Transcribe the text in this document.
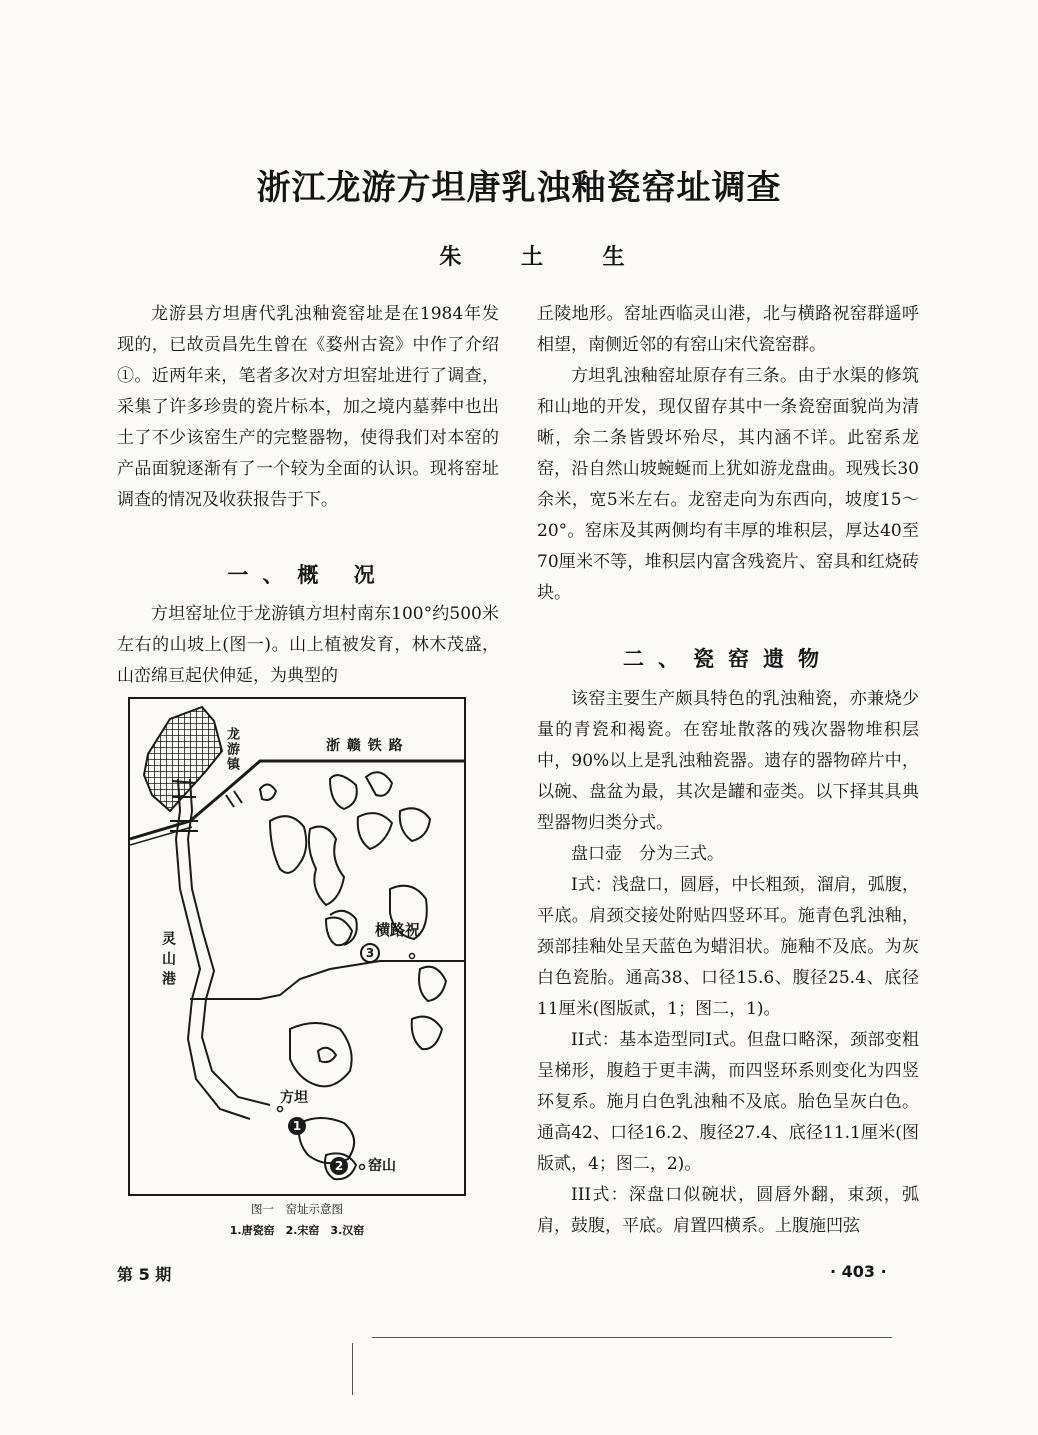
浙江龙游方坦唐乳浊釉瓷窑址调查
朱 土 生

龙游县方坦唐代乳浊釉瓷窑址是在1984年发现的，已故贡昌先生曾在《婺州古瓷》中作了介绍①。近两年来，笔者多次对方坦窑址进行了调查，采集了许多珍贵的瓷片标本，加之境内墓葬中也出土了不少该窑生产的完整器物，使得我们对本窑的产品面貌逐渐有了一个较为全面的认识。现将窑址调查的情况及收获报告于下。

一、概 况

方坦窑址位于龙游镇方坦村南东100°约500米左右的山坡上(图一)。山上植被发育，林木茂盛，山峦绵亘起伏伸延，为典型的

龙游镇	浙 赣 铁 路
灵山港
横路祝
方坦
窑山
1
2
3
图一　窑址示意图
1.唐瓷窑　2.宋窑　3.汉窑

丘陵地形。窑址西临灵山港，北与横路祝窑群遥呼相望，南侧近邻的有窑山宋代瓷窑群。

方坦乳浊釉窑址原存有三条。由于水渠的修筑和山地的开发，现仅留存其中一条瓷窑面貌尚为清晰，余二条皆毁坏殆尽，其内涵不详。此窑系龙窑，沿自然山坡蜿蜒而上犹如游龙盘曲。现残长30余米，宽5米左右。龙窑走向为东西向，坡度15～20°。窑床及其两侧均有丰厚的堆积层，厚达40至70厘米不等，堆积层内富含残瓷片、窑具和红烧砖块。

二、瓷窑遗物

该窑主要生产颇具特色的乳浊釉瓷，亦兼烧少量的青瓷和褐瓷。在窑址散落的残次器物堆积层中，90%以上是乳浊釉瓷器。遗存的器物碎片中，以碗、盘盆为最，其次是罐和壶类。以下择其具典型器物归类分式。

盘口壶　分为三式。

I式：浅盘口，圆唇，中长粗颈，溜肩，弧腹，平底。肩颈交接处附贴四竖环耳。施青色乳浊釉，颈部挂釉处呈天蓝色为蜡泪状。施釉不及底。为灰白色瓷胎。通高38、口径15.6、腹径25.4、底径11厘米(图版贰，1；图二，1)。

II式：基本造型同I式。但盘口略深，颈部变粗呈梯形，腹趋于更丰满，而四竖环系则变化为四竖环复系。施月白色乳浊釉不及底。胎色呈灰白色。通高42、口径16.2、腹径27.4、底径11.1厘米(图版贰，4；图二，2)。

III式：深盘口似碗状，圆唇外翻，束颈，弧肩，鼓腹，平底。肩置四横系。上腹施凹弦

第 5 期	· 403 ·
